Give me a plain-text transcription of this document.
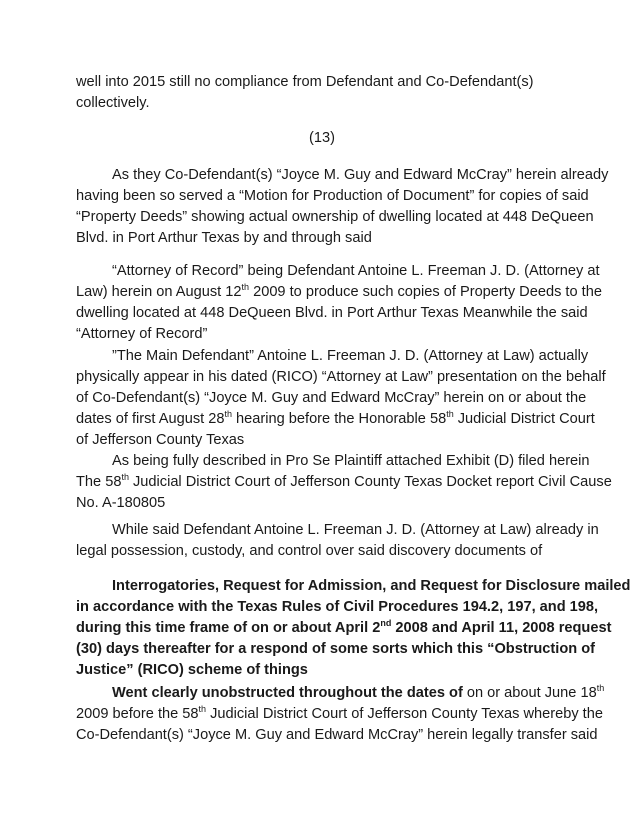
well into 2015 still no compliance from Defendant and Co-Defendant(s)
collectively.
(13)
As they Co-Defendant(s) “Joyce M. Guy and Edward McCray” herein already
having been so served a “Motion for Production of Document” for copies of said
“Property Deeds” showing actual ownership of dwelling located at 448 DeQueen
Blvd. in Port Arthur Texas by and through said
“Attorney of Record” being Defendant Antoine L. Freeman J. D. (Attorney at
Law) herein on August 12th 2009 to produce such copies of Property Deeds to the
dwelling located at 448 DeQueen Blvd. in Port Arthur Texas Meanwhile the said
“Attorney of Record”
”The Main Defendant” Antoine L. Freeman J. D. (Attorney at Law) actually
physically appear in his dated (RICO) “Attorney at Law” presentation on the behalf
of Co-Defendant(s) “Joyce M. Guy and Edward McCray” herein on or about the
dates of first August 28th hearing before the Honorable 58th Judicial District Court
of Jefferson County Texas
As being fully described in Pro Se Plaintiff attached Exhibit (D) filed herein
The 58th Judicial District Court of Jefferson County Texas Docket report Civil Cause
No. A-180805
While said Defendant Antoine L. Freeman J. D. (Attorney at Law) already in
legal possession, custody, and control over said discovery documents of
Interrogatories, Request for Admission, and Request for Disclosure mailed
in accordance with the Texas Rules of Civil Procedures 194.2, 197, and 198,
during this time frame of on or about April 2nd 2008 and April 11, 2008 request
(30) days thereafter for a respond of some sorts which this “Obstruction of
Justice” (RICO) scheme of things
Went clearly unobstructed throughout the dates of on or about June 18th
2009 before the 58th Judicial District Court of Jefferson County Texas whereby the
Co-Defendant(s) “Joyce M. Guy and Edward McCray” herein legally transfer said
